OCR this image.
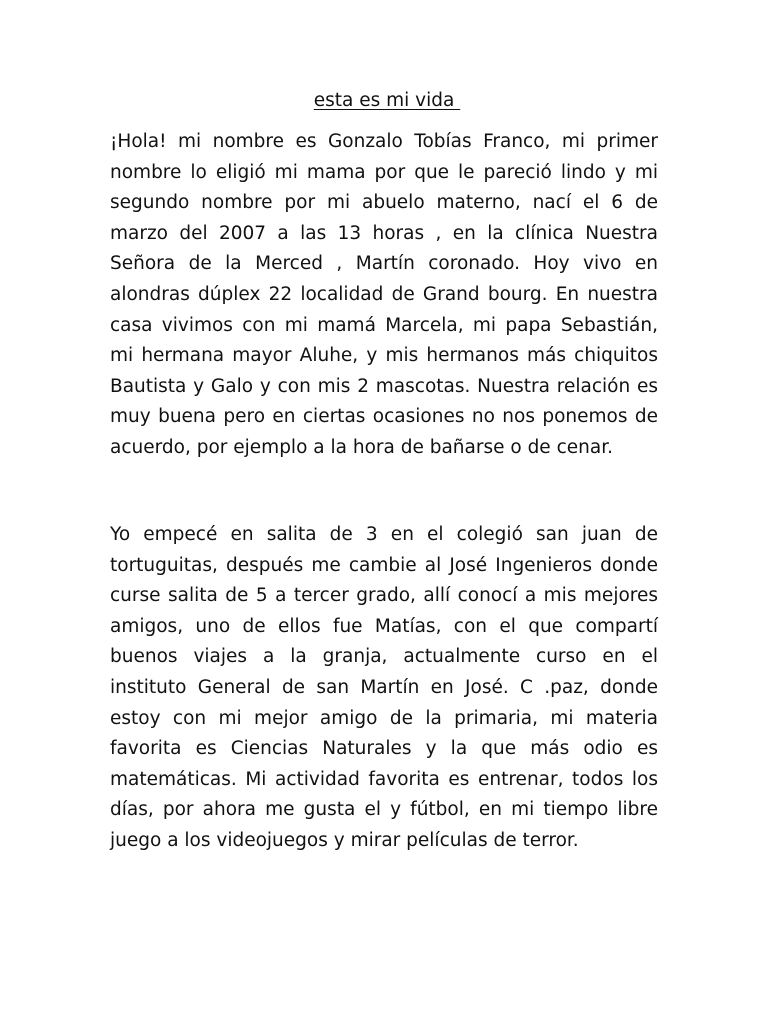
esta es mi vida

¡Hola! mi nombre es Gonzalo Tobías Franco, mi primer nombre lo eligió mi mama por que le pareció lindo y mi segundo nombre por mi abuelo materno, nací el 6 de marzo del 2007 a las 13 horas , en la clínica Nuestra Señora de la Merced , Martín coronado. Hoy vivo en alondras dúplex 22 localidad de Grand bourg. En nuestra casa vivimos con mi mamá Marcela, mi papa Sebastián, mi hermana mayor Aluhe, y mis hermanos más chiquitos Bautista y Galo y con mis 2 mascotas. Nuestra relación es muy buena pero en ciertas ocasiones no nos ponemos de acuerdo, por ejemplo a la hora de bañarse o de cenar.

Yo empecé en salita de 3 en el colegió san juan de tortuguitas, después me cambie al José Ingenieros donde curse salita de 5 a tercer grado, allí conocí a mis mejores amigos, uno de ellos fue Matías, con el que compartí buenos viajes a la granja, actualmente curso en el instituto General de san Martín en José. C .paz, donde estoy con mi mejor amigo de la primaria, mi materia favorita es Ciencias Naturales y la que más odio es matemáticas. Mi actividad favorita es entrenar, todos los días, por ahora me gusta el y fútbol, en mi tiempo libre juego a los videojuegos y mirar películas de terror.
